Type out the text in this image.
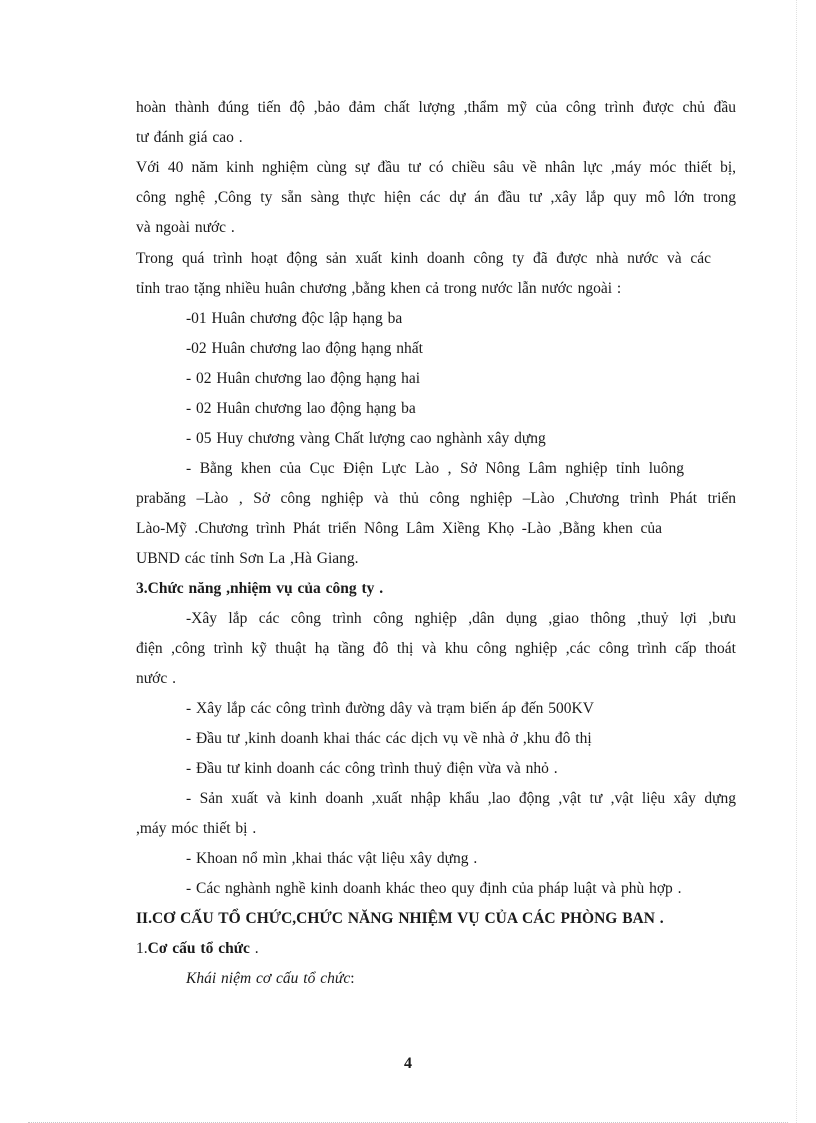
hoàn thành đúng tiến độ ,bảo đảm chất lượng ,thẩm mỹ của công trình được chủ đầu
tư đánh giá cao .
Với 40 năm kinh nghiệm cùng sự đầu tư có chiều sâu về nhân lực ,máy móc thiết bị,
công nghệ ,Công ty sẵn sàng thực hiện các dự án đầu tư ,xây lắp quy mô lớn trong
và ngoài nước .
Trong quá trình hoạt động sản xuất kinh doanh công ty đã được nhà nước và các
tỉnh trao tặng nhiều huân chương ,bằng khen cả trong nước lẫn nước ngoài :
-01 Huân chương độc lập hạng ba
-02 Huân chương lao động hạng nhất
- 02 Huân chương lao động hạng hai
- 02 Huân chương lao động hạng ba
- 05 Huy chương vàng Chất lượng cao nghành xây dựng
- Bằng khen của Cục Điện Lực Lào , Sở Nông Lâm nghiệp tỉnh luông
prabăng –Lào , Sở công nghiệp và thủ công nghiệp –Lào ,Chương trình Phát triển
Lào-Mỹ .Chương trình Phát triển Nông Lâm Xiềng Khọ -Lào ,Bằng khen của
UBND các tỉnh Sơn La ,Hà Giang.
3.Chức năng ,nhiệm vụ của công ty .
-Xây lắp các công trình công nghiệp ,dân dụng ,giao thông ,thuỷ lợi ,bưu
điện ,công trình kỹ thuật hạ tầng đô thị và khu công nghiệp ,các công trình cấp thoát
nước .
- Xây lắp các công trình đường dây và trạm biến áp đến 500KV
- Đầu tư ,kinh doanh khai thác các dịch vụ về nhà ở ,khu đô thị
- Đầu tư kinh doanh các công trình thuỷ điện vừa và nhỏ .
- Sản xuất và kinh doanh ,xuất nhập khẩu ,lao động ,vật tư ,vật liệu xây dựng
,máy móc thiết bị .
- Khoan nổ mìn ,khai thác vật liệu xây dựng .
- Các nghành nghề kinh doanh khác theo quy định của pháp luật và phù hợp .
II.CƠ CẤU TỔ CHỨC,CHỨC NĂNG NHIỆM VỤ CỦA CÁC PHÒNG BAN .
1.Cơ cấu tổ chức .
Khái niệm cơ cấu tổ chức:
4
